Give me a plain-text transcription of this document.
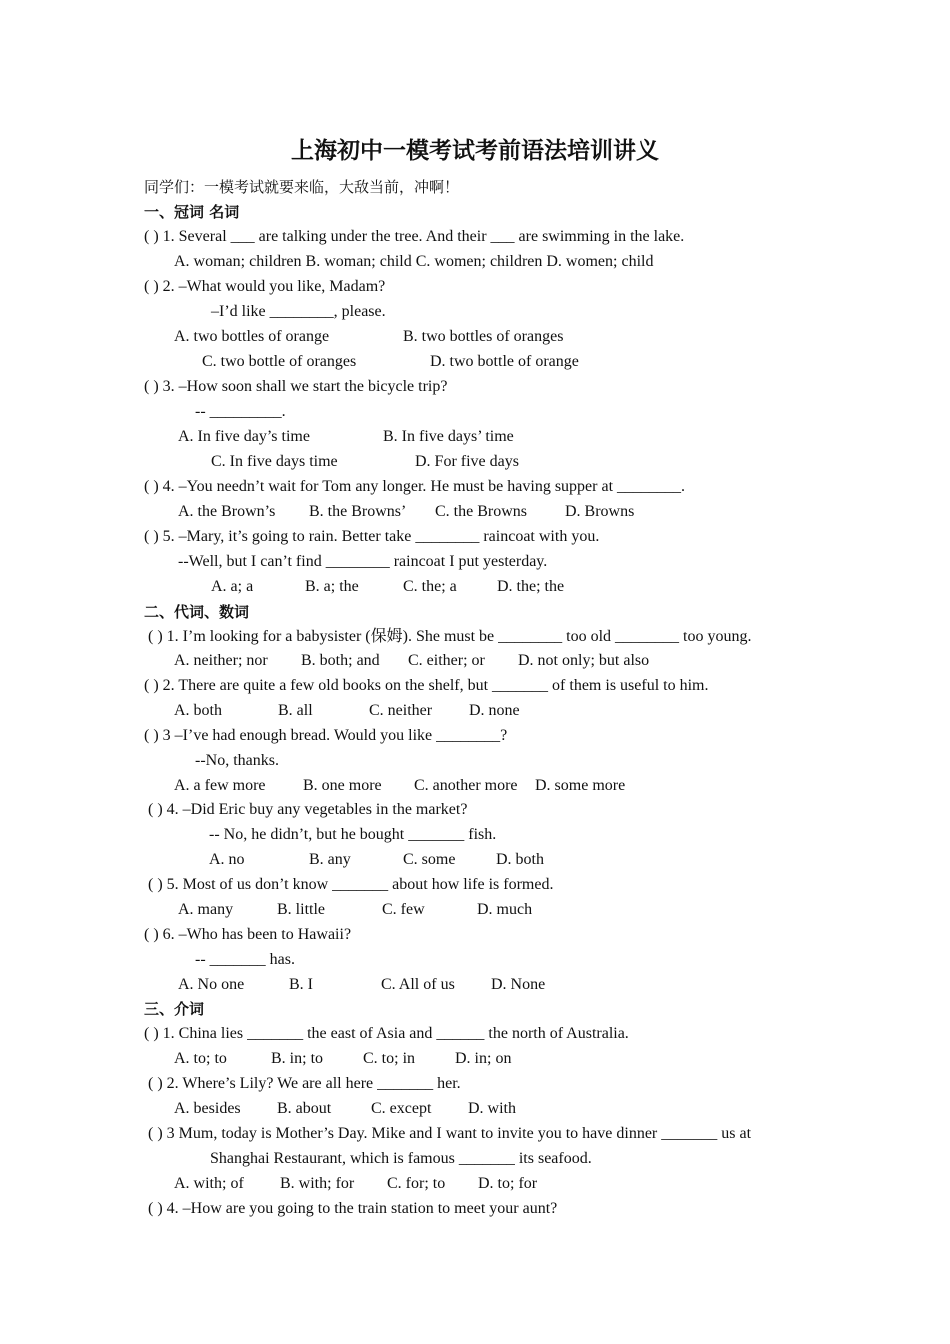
上海初中一模考试考前语法培训讲义
同学们：一模考试就要来临，大敌当前，冲啊！
一、冠词 名词
( ) 1. Several ___ are talking under the tree. And their ___ are swimming in the lake.
A. woman; children B. woman; child C. women; children D. women; child
( ) 2. –What would you like, Madam?
–I’d like ________, please.
A. two bottles of orange	B. two bottles of oranges
C. two bottle of oranges	D. two bottle of orange
( ) 3. –How soon shall we start the bicycle trip?
-- _________.
A. In five day’s time	B. In five days’ time
C. In five days time	D. For five days
( ) 4. –You needn’t wait for Tom any longer. He must be having supper at ________.
A. the Brown’s B. the Browns’ C. the Browns D. Browns
( ) 5. –Mary, it’s going to rain. Better take ________ raincoat with you.
--Well, but I can’t find ________ raincoat I put yesterday.
A. a; a	B. a; the	C. the; a	D. the; the
二、代词、数词
( ) 1. I’m looking for a babysister (保姆). She must be ________ too old ________ too young.
A. neither; nor B. both; and C. either; or D. not only; but also
( ) 2. There are quite a few old books on the shelf, but _______ of them is useful to him.
A. both	B. all	C. neither D. none
( ) 3 –I’ve had enough bread. Would you like ________?
--No, thanks.
A. a few more B. one more C. another more D. some more
( ) 4. –Did Eric buy any vegetables in the market?
-- No, he didn’t, but he bought _______ fish.
A. no	B. any	C. some	D. both
( ) 5. Most of us don’t know _______ about how life is formed.
A. many	B. little	C. few	D. much
( ) 6. –Who has been to Hawaii?
-- _______ has.
A. No one	B. I	C. All of us D. None
三、介词
( ) 1. China lies _______ the east of Asia and ______ the north of Australia.
A. to; to	B. in; to C. to; in D. in; on
( ) 2. Where’s Lily? We are all here _______ her.
A. besides B. about C. except D. with
( ) 3 Mum, today is Mother’s Day. Mike and I want to invite you to have dinner _______ us at
Shanghai Restaurant, which is famous _______ its seafood.
A. with; of B. with; for C. for; to D. to; for
( ) 4. –How are you going to the train station to meet your aunt?
